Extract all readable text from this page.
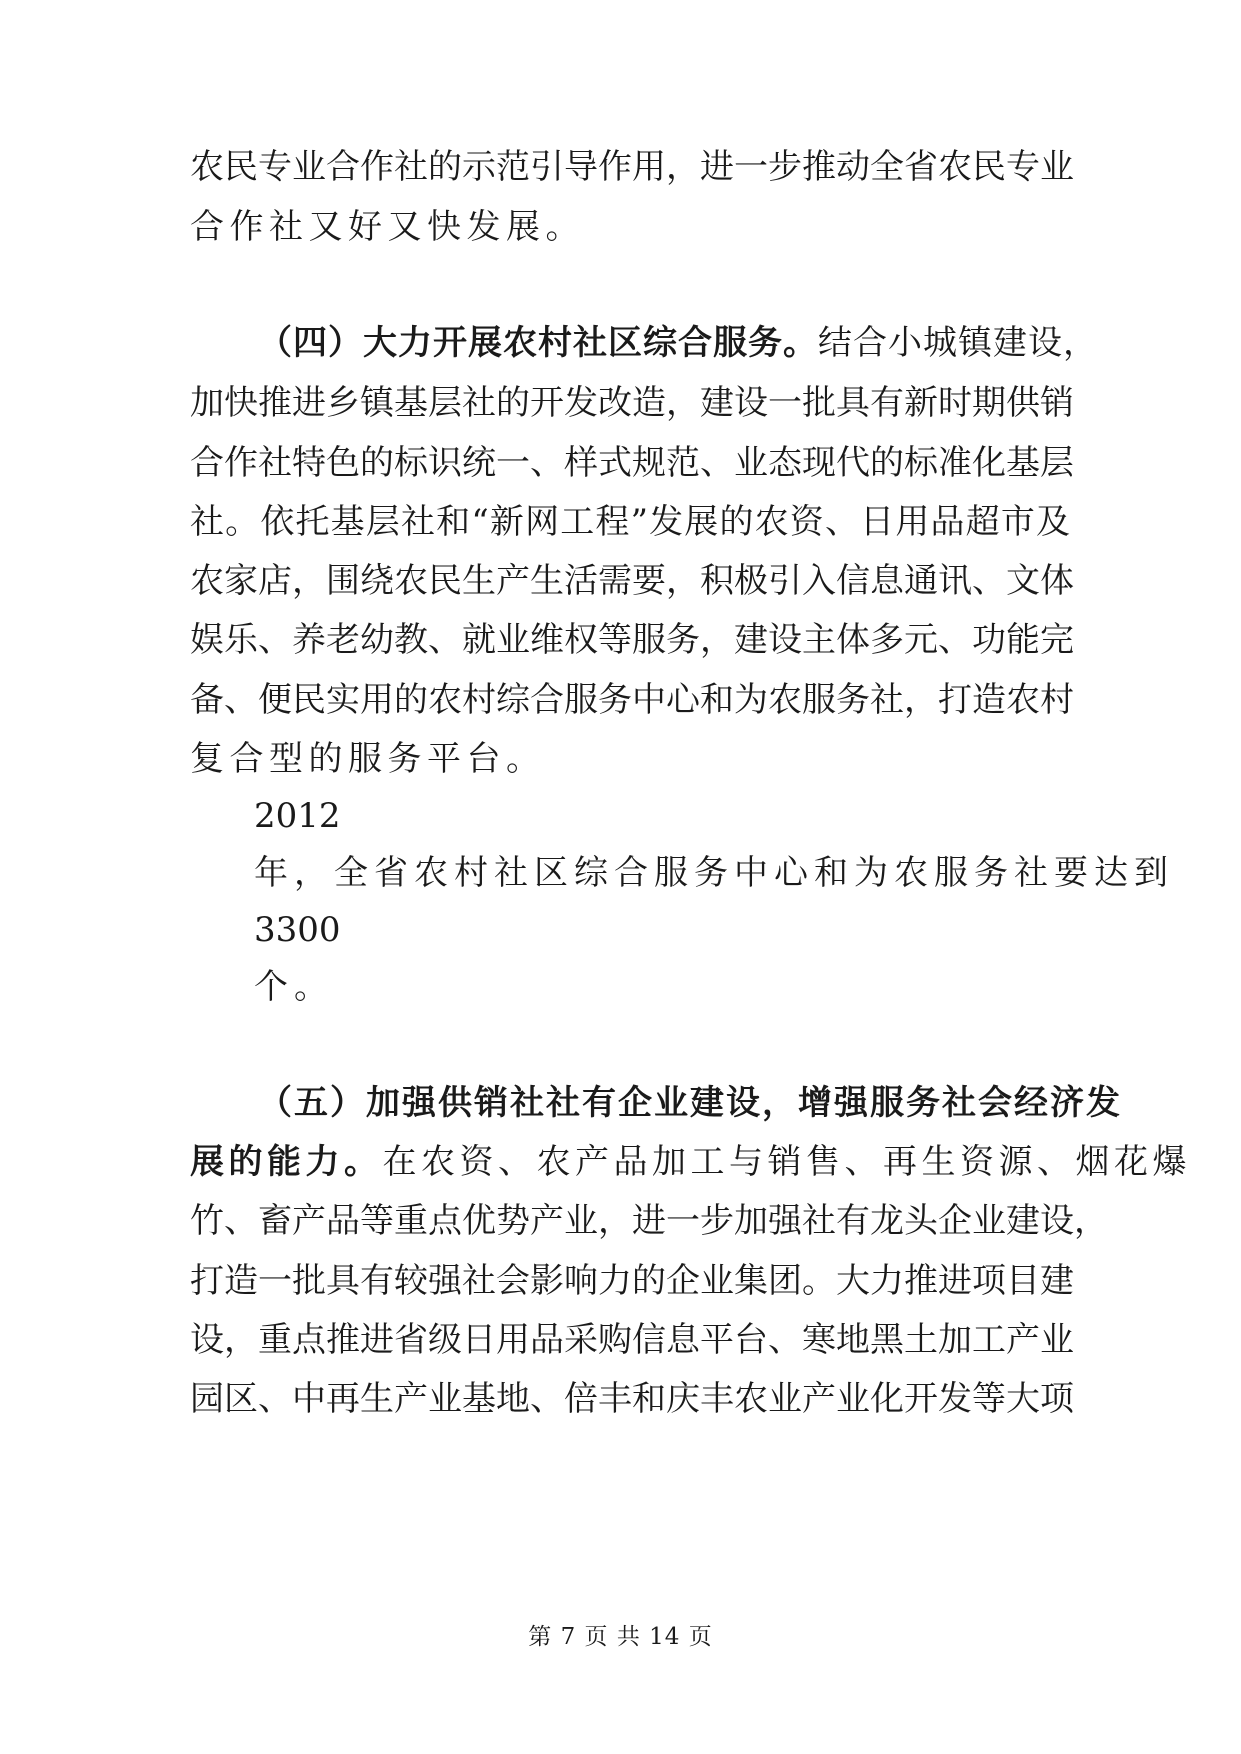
农民专业合作社的示范引导作用，进一步推动全省农民专业
合作社又好又快发展。
（四）大力开展农村社区综合服务。结合小城镇建设，
加快推进乡镇基层社的开发改造，建设一批具有新时期供销
合作社特色的标识统一、样式规范、业态现代的标准化基层
社。依托基层社和“新网工程”发展的农资、日用品超市及
农家店，围绕农民生产生活需要，积极引入信息通讯、文体
娱乐、养老幼教、就业维权等服务，建设主体多元、功能完
备、便民实用的农村综合服务中心和为农服务社，打造农村
复合型的服务平台。
2012
年，全省农村社区综合服务中心和为农服务社要达到
3300
个。
（五）加强供销社社有企业建设，增强服务社会经济发
展的能力。在农资、农产品加工与销售、再生资源、烟花爆
竹、畜产品等重点优势产业，进一步加强社有龙头企业建设，
打造一批具有较强社会影响力的企业集团。大力推进项目建
设，重点推进省级日用品采购信息平台、寒地黑土加工产业
园区、中再生产业基地、倍丰和庆丰农业产业化开发等大项
第 7 页 共 14 页
